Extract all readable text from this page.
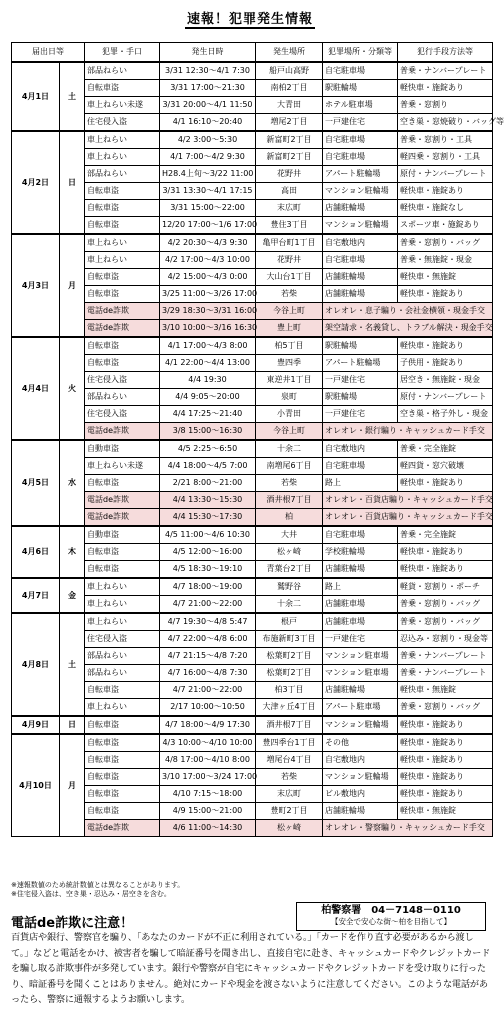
速報！犯罪発生情報
届出日等		犯罪・手口	発生日時	発生場所	犯罪場所・分類等	犯行手段方法等
4月1日	土	部品ねらい	3/31 12:30～4/1 7:30	船戸山高野	自宅駐車場	普乗・ナンバープレート
		自転車盗	3/31 17:00～21:30	南柏2丁目	駅駐輪場	軽快車・施錠あり
		車上ねらい未遂	3/31 20:00～4/1 11:50	大青田	ホテル駐車場	普乗・窓割り
		住宅侵入盗	4/1 16:10～20:40	増尾2丁目	一戸建住宅	空き巣・窓焼破り・バッグ等
4月2日	日	車上ねらい	4/2 3:00～5:30	新富町2丁目	自宅駐車場	普乗・窓割り・工具
		車上ねらい	4/1 7:00～4/2 9:30	新富町2丁目	自宅駐車場	軽四乗・窓割り・工具
		部品ねらい	H28.4上旬～3/22 11:00	花野井	アパート駐輪場	原付・ナンバープレート
		自転車盗	3/31 13:30～4/1 17:15	高田	マンション駐輪場	軽快車・施錠あり
		自転車盗	3/31 15:00～22:00	末広町	店舗駐輪場	軽快車・施錠なし
		自転車盗	12/20 17:00～1/6 17:00	豊住3丁目	マンション駐輪場	スポーツ車・施錠あり
4月3日	月	車上ねらい	4/2 20:30～4/3 9:30	亀甲台町1丁目	自宅敷地内	普乗・窓割り・バッグ
		車上ねらい	4/2 17:00～4/3 10:00	花野井	自宅駐車場	普乗・無施錠・現金
		自転車盗	4/2 15:00～4/3 0:00	大山台1丁目	店舗駐輪場	軽快車・無施錠
		自転車盗	3/25 11:00～3/26 17:00	若柴	店舗駐輪場	軽快車・施錠あり
		電話de詐欺	3/29 18:30～3/31 16:00	今谷上町	オレオレ・息子騙り・会社金横領・現金手交	
		電話de詐欺	3/10 10:00～3/16 16:30	豊上町	架空請求・名義貸し、トラブル解決・現金手交	
4月4日	火	自転車盗	4/1 17:00～4/3 8:00	柏5丁目	駅駐輪場	軽快車・施錠あり
		自転車盗	4/1 22:00～4/4 13:00	豊四季	アパート駐輪場	子供用・施錠あり
		住宅侵入盗	4/4 19:30	東逆井1丁目	一戸建住宅	居空き・無施錠・現金
		部品ねらい	4/4 9:05～20:00	泉町	駅駐輪場	原付・ナンバープレート
		住宅侵入盗	4/4 17:25～21:40	小青田	一戸建住宅	空き巣・格子外し・現金
		電話de詐欺	3/8 15:00～16:30	今谷上町	オレオレ・銀行騙り・キャッシュカード手交	
4月5日	水	自動車盗	4/5 2:25～6:50	十余二	自宅敷地内	普乗・完全施錠
		車上ねらい未遂	4/4 18:00～4/5 7:00	南増尾6丁目	自宅駐車場	軽四貨・窓穴破壊
		自転車盗	2/21 8:00～21:00	若柴	路上	軽快車・施錠あり
		電話de詐欺	4/4 13:30～15:30	酒井根7丁目	オレオレ・百貨店騙り・キャッシュカード手交	
		電話de詐欺	4/4 15:30～17:30	柏	オレオレ・百貨店騙り・キャッシュカード手交	
4月6日	木	自動車盗	4/5 11:00～4/6 10:30	大井	自宅駐車場	普乗・完全施錠
		自転車盗	4/5 12:00～16:00	松ヶ崎	学校駐輪場	軽快車・施錠あり
		自転車盗	4/5 18:30～19:10	青葉台2丁目	店舗駐輪場	軽快車・施錠あり
4月7日	金	車上ねらい	4/7 18:00～19:00	鷲野谷	路上	軽貨・窓割り・ポーチ
		車上ねらい	4/7 21:00～22:00	十余二	店舗駐車場	普乗・窓割り・バッグ
4月8日	土	車上ねらい	4/7 19:30～4/8 5:47	根戸	店舗駐車場	普乗・窓割り・バッグ
		住宅侵入盗	4/7 22:00～4/8 6:00	布施新町3丁目	一戸建住宅	忍込み・窓割り・現金等
		部品ねらい	4/7 21:15～4/8 7:20	松葉町2丁目	マンション駐車場	普乗・ナンバープレート
		部品ねらい	4/7 16:00～4/8 7:30	松葉町2丁目	マンション駐車場	普乗・ナンバープレート
		自転車盗	4/7 21:00～22:00	柏3丁目	店舗駐輪場	軽快車・無施錠
		車上ねらい	2/17 10:00～10:50	大津ヶ丘4丁目	アパート駐車場	普乗・窓割り・バッグ
4月9日	日	自転車盗	4/7 18:00～4/9 17:30	酒井根7丁目	マンション駐輪場	軽快車・施錠あり
4月10日	月	自転車盗	4/3 10:00～4/10 10:00	豊四季台1丁目	その他	軽快車・施錠あり
		自転車盗	4/8 17:00～4/10 8:00	増尾台4丁目	自宅敷地内	軽快車・施錠あり
		自転車盗	3/10 17:00～3/24 17:00	若柴	マンション駐輪場	軽快車・施錠あり
		自転車盗	4/10 7:15～18:00	末広町	ビル敷地内	軽快車・施錠あり
		自転車盗	4/9 15:00～21:00	豊町2丁目	店舗駐輪場	軽快車・無施錠
		電話de詐欺	4/6 11:00～14:30	松ヶ崎	オレオレ・警察騙り・キャッシュカード手交	
※速報数値のため統計数値とは異なることがあります。
※住宅侵入盗は、空き巣・忍込み・居空きを含む。
柏警察署　04－7148－0110
【安全で安心な街～柏を目指して】
電話de詐欺に注意！
百貨店や銀行、警察官を騙り、「あなたのカードが不正に利用されている。」「カードを作り直す必要があるから渡して。」などと電話をかけ、被害者を騙して暗証番号を聞き出し、直接自宅に赴き、キャッシュカードやクレジットカードを騙し取る詐欺事件が多発しています。銀行や警察が自宅にキャッシュカードやクレジットカードを受け取りに行ったり、暗証番号を聞くことはありません。絶対にカードや現金を渡さないように注意してください。このような電話があったら、警察に通報するようお願いします。
